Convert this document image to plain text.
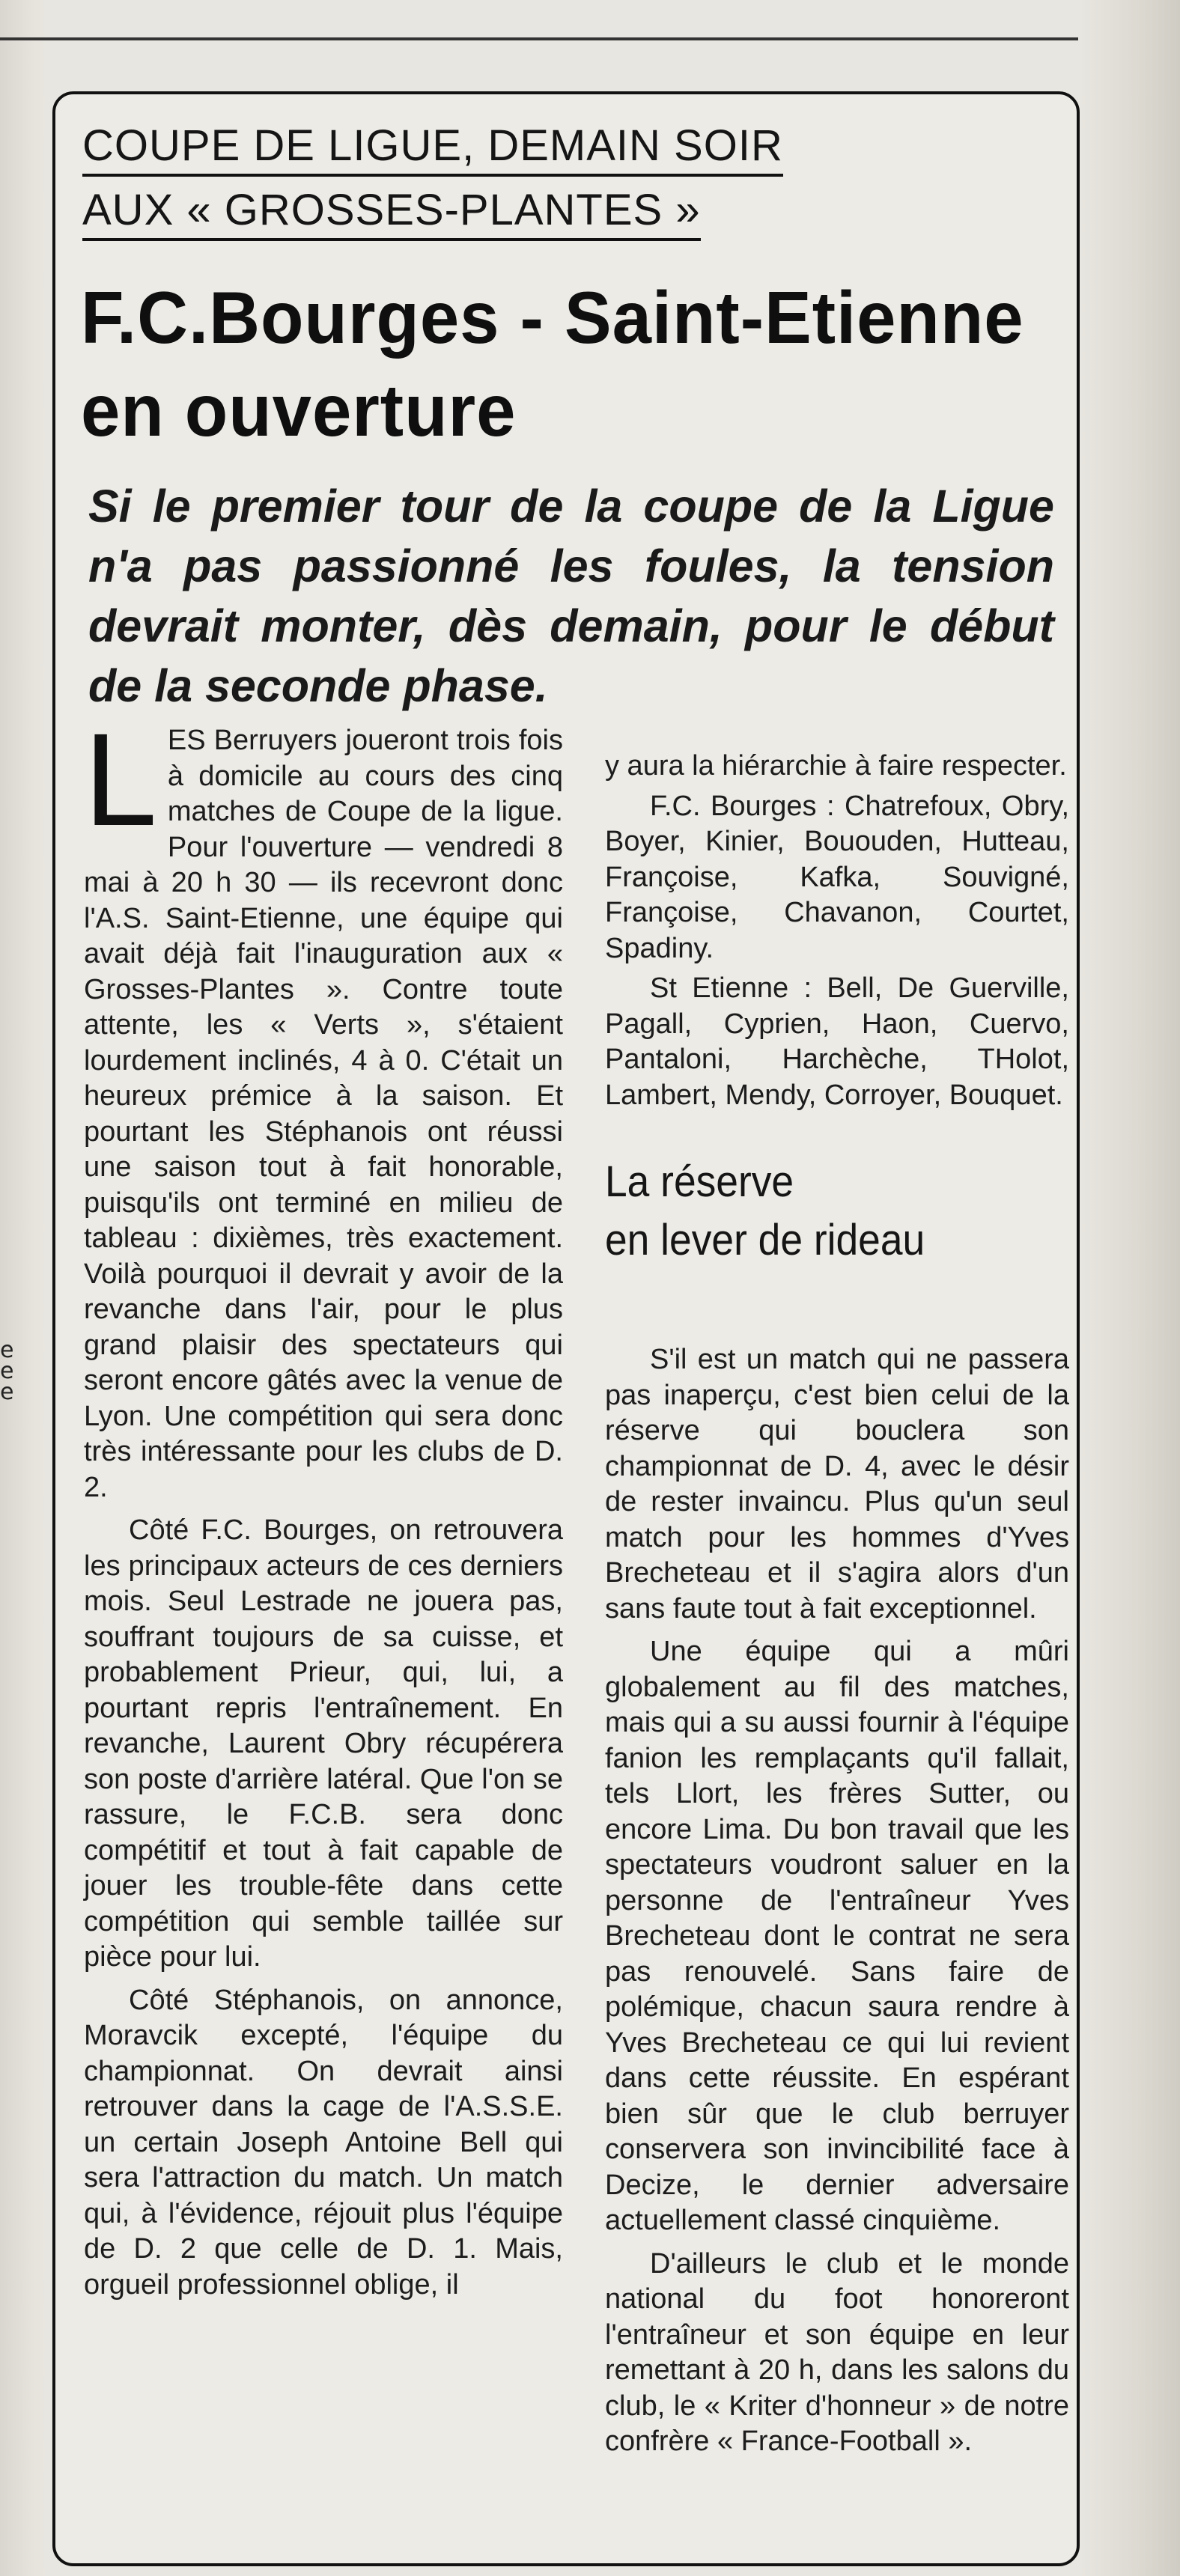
e
e
e
COUPE DE LIGUE, DEMAIN SOIR
AUX « GROSSES-PLANTES »
F.C.Bourges - Saint-Etienne
en ouverture
Si le premier tour de la coupe de la Ligue n'a pas passionné les foules, la tension devrait monter, dès demain, pour le début de la seconde phase.

LES Berruyers joueront trois fois à domicile au cours des cinq matches de Coupe de la ligue. Pour l'ouverture — vendredi 8 mai à 20 h 30 — ils recevront donc l'A.S. Saint-Etienne, une équipe qui avait déjà fait l'inauguration aux « Grosses-Plantes ». Contre toute attente, les « Verts », s'étaient lourdement inclinés, 4 à 0. C'était un heureux prémice à la saison. Et pourtant les Stéphanois ont réussi une saison tout à fait honorable, puisqu'ils ont terminé en milieu de tableau : dixièmes, très exactement. Voilà pourquoi il devrait y avoir de la revanche dans l'air, pour le plus grand plaisir des spectateurs qui seront encore gâtés avec la venue de Lyon. Une compétition qui sera donc très intéressante pour les clubs de D. 2.

Côté F.C. Bourges, on retrouvera les principaux acteurs de ces derniers mois. Seul Lestrade ne jouera pas, souffrant toujours de sa cuisse, et probablement Prieur, qui, lui, a pourtant repris l'entraînement. En revanche, Laurent Obry récupérera son poste d'arrière latéral. Que l'on se rassure, le F.C.B. sera donc compétitif et tout à fait capable de jouer les trouble-fête dans cette compétition qui semble taillée sur pièce pour lui.

Côté Stéphanois, on annonce, Moravcik excepté, l'équipe du championnat. On devrait ainsi retrouver dans la cage de l'A.S.S.E. un certain Joseph Antoine Bell qui sera l'attraction du match. Un match qui, à l'évidence, réjouit plus l'équipe de D. 2 que celle de D. 1. Mais, orgueil professionnel oblige, il

y aura la hiérarchie à faire respecter.

F.C. Bourges : Chatrefoux, Obry, Boyer, Kinier, Bououden, Hutteau, Françoise, Kafka, Souvigné, Françoise, Chavanon, Courtet, Spadiny.

St Etienne : Bell, De Guerville, Pagall, Cyprien, Haon, Cuervo, Pantaloni, Harchèche, THolot, Lambert, Mendy, Corroyer, Bouquet.

La réserve
en lever de rideau

S'il est un match qui ne passera pas inaperçu, c'est bien celui de la réserve qui bouclera son championnat de D. 4, avec le désir de rester invaincu. Plus qu'un seul match pour les hommes d'Yves Brecheteau et il s'agira alors d'un sans faute tout à fait exceptionnel.

Une équipe qui a mûri globalement au fil des matches, mais qui a su aussi fournir à l'équipe fanion les remplaçants qu'il fallait, tels Llort, les frères Sutter, ou encore Lima. Du bon travail que les spectateurs voudront saluer en la personne de l'entraîneur Yves Brecheteau dont le contrat ne sera pas renouvelé. Sans faire de polémique, chacun saura rendre à Yves Brecheteau ce qui lui revient dans cette réussite. En espérant bien sûr que le club berruyer conservera son invincibilité face à Decize, le dernier adversaire actuellement classé cinquième.

D'ailleurs le club et le monde national du foot honoreront l'entraîneur et son équipe en leur remettant à 20 h, dans les salons du club, le « Kriter d'honneur » de notre confrère « France-Football ».
